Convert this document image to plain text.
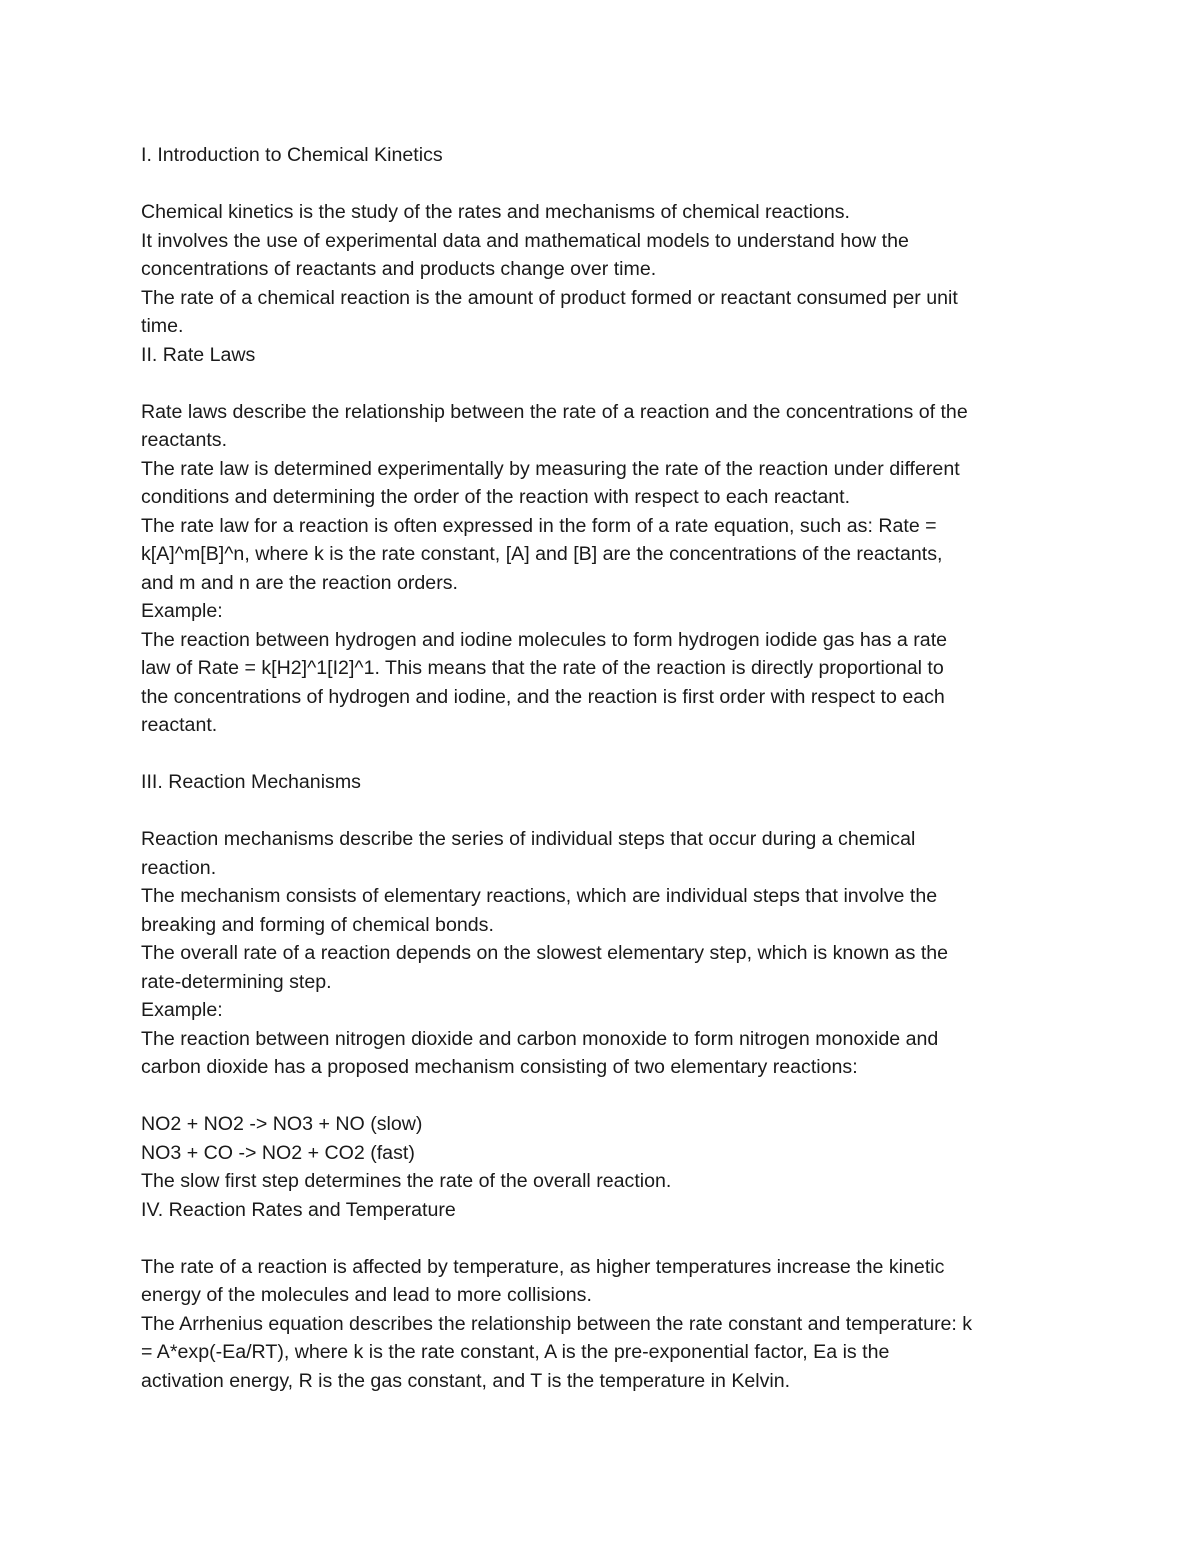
I. Introduction to Chemical Kinetics
Chemical kinetics is the study of the rates and mechanisms of chemical reactions.
It involves the use of experimental data and mathematical models to understand how the
concentrations of reactants and products change over time.
The rate of a chemical reaction is the amount of product formed or reactant consumed per unit
time.
II. Rate Laws
Rate laws describe the relationship between the rate of a reaction and the concentrations of the
reactants.
The rate law is determined experimentally by measuring the rate of the reaction under different
conditions and determining the order of the reaction with respect to each reactant.
The rate law for a reaction is often expressed in the form of a rate equation, such as: Rate =
k[A]^m[B]^n, where k is the rate constant, [A] and [B] are the concentrations of the reactants,
and m and n are the reaction orders.
Example:
The reaction between hydrogen and iodine molecules to form hydrogen iodide gas has a rate
law of Rate = k[H2]^1[I2]^1. This means that the rate of the reaction is directly proportional to
the concentrations of hydrogen and iodine, and the reaction is first order with respect to each
reactant.
III. Reaction Mechanisms
Reaction mechanisms describe the series of individual steps that occur during a chemical
reaction.
The mechanism consists of elementary reactions, which are individual steps that involve the
breaking and forming of chemical bonds.
The overall rate of a reaction depends on the slowest elementary step, which is known as the
rate-determining step.
Example:
The reaction between nitrogen dioxide and carbon monoxide to form nitrogen monoxide and
carbon dioxide has a proposed mechanism consisting of two elementary reactions:
NO2 + NO2 -> NO3 + NO (slow)
NO3 + CO -> NO2 + CO2 (fast)
The slow first step determines the rate of the overall reaction.
IV. Reaction Rates and Temperature
The rate of a reaction is affected by temperature, as higher temperatures increase the kinetic
energy of the molecules and lead to more collisions.
The Arrhenius equation describes the relationship between the rate constant and temperature: k
= A*exp(-Ea/RT), where k is the rate constant, A is the pre-exponential factor, Ea is the
activation energy, R is the gas constant, and T is the temperature in Kelvin.
